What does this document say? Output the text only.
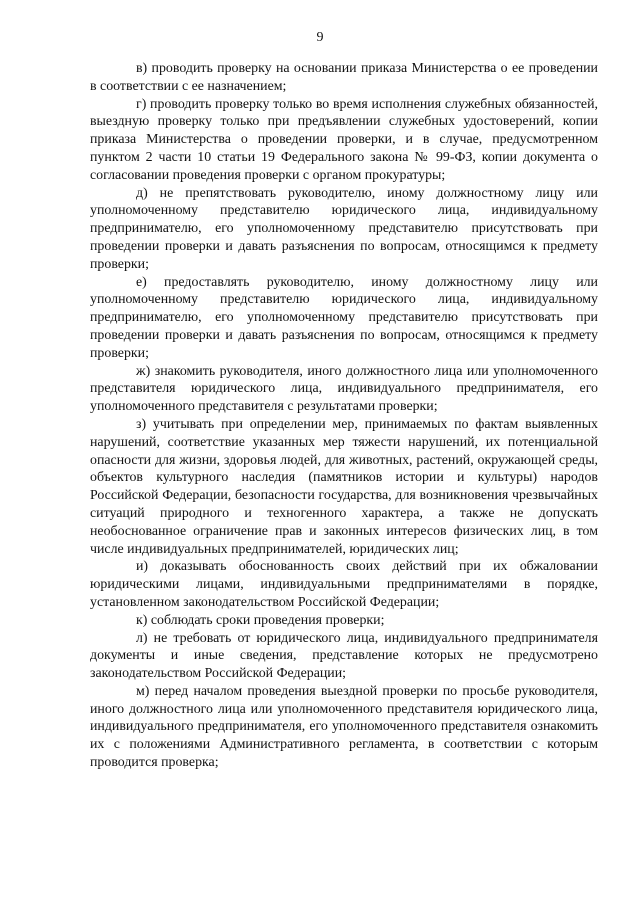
9

в) проводить проверку на основании приказа Министерства о ее проведении в соответствии с ее назначением;

г) проводить проверку только во время исполнения служебных обязанностей, выездную проверку только при предъявлении служебных удостоверений, копии приказа Министерства о проведении проверки, и в случае, предусмотренном пунктом 2 части 10 статьи 19 Федерального закона № 99-ФЗ, копии документа о согласовании проведения проверки с органом прокуратуры;

д) не препятствовать руководителю, иному должностному лицу или уполномоченному представителю юридического лица, индивидуальному предпринимателю, его уполномоченному представителю присутствовать при проведении проверки и давать разъяснения по вопросам, относящимся к предмету проверки;

е) предоставлять руководителю, иному должностному лицу или уполномоченному представителю юридического лица, индивидуальному предпринимателю, его уполномоченному представителю присутствовать при проведении проверки и давать разъяснения по вопросам, относящимся к предмету проверки;

ж) знакомить руководителя, иного должностного лица или уполномоченного представителя юридического лица, индивидуального предпринимателя, его уполномоченного представителя с результатами проверки;

з) учитывать при определении мер, принимаемых по фактам выявленных нарушений, соответствие указанных мер тяжести нарушений, их потенциальной опасности для жизни, здоровья людей, для животных, растений, окружающей среды, объектов культурного наследия (памятников истории и культуры) народов Российской Федерации, безопасности государства, для возникновения чрезвычайных ситуаций природного и техногенного характера, а также не допускать необоснованное ограничение прав и законных интересов физических лиц, в том числе индивидуальных предпринимателей, юридических лиц;

и) доказывать обоснованность своих действий при их обжаловании юридическими лицами, индивидуальными предпринимателями в порядке, установленном законодательством Российской Федерации;

к) соблюдать сроки проведения проверки;

л) не требовать от юридического лица, индивидуального предпринимателя документы и иные сведения, представление которых не предусмотрено законодательством Российской Федерации;

м) перед началом проведения выездной проверки по просьбе руководителя, иного должностного лица или уполномоченного представителя юридического лица, индивидуального предпринимателя, его уполномоченного представителя ознакомить их с положениями Административного регламента, в соответствии с которым проводится проверка;
